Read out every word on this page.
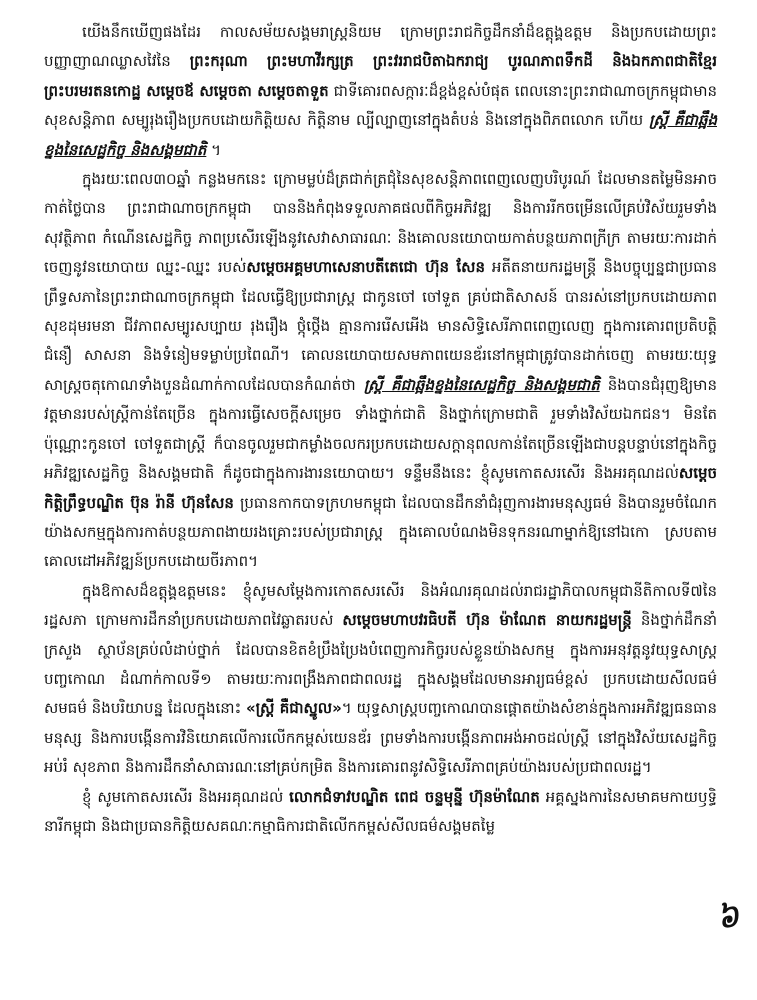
យើងនឹកឃើញផងដែរ កាលសម័យសង្គមរាស្ត្រនិយម ក្រោមព្រះរាជកិច្ចដឹកនាំដ៏ឧត្តុង្គឧត្តម និងប្រកបដោយព្រះបញ្ញាញាណឈ្លាសវៃនៃ ព្រះករុណា ព្រះមហាវីរក្សត្រ ព្រះវររាជបិតាឯករាជ្យ បូរណភាពទឹកដី និងឯកភាពជាតិខ្មែរ ព្រះបរមរតនកោដ្ឋ សម្តេចឪ សម្តេចតា សម្តេចតាទួត ជាទីគោរពសក្ការៈដ៏ខ្ពង់ខ្ពស់បំផុត ពេលនោះព្រះរាជាណាចក្រកម្ពុជាមានសុខសន្តិភាព សម្បូរុងរឿងប្រកបដោយកិត្តិយស កិត្តិនាម ល្បីល្បាញនៅក្នុងតំបន់ និងនៅក្នុងពិភពលោក ហើយ ស្ត្រី គឺជាឆ្អឹងខ្នងនៃសេដ្ឋកិច្ច និងសង្គមជាតិ ។

ក្នុងរយៈពេល៣០ឆ្នាំ កន្លងមកនេះ ក្រោមម្លប់ដ៏ត្រជាក់ត្រជុំនៃសុខសន្តិភាពពេញលេញបរិបូរណ៍ ដែលមានតម្លៃមិនអាចកាត់ថ្លៃបាន ព្រះរាជាណាចក្រកម្ពុជា បាននិងកំពុងទទួលភាគផលពីកិច្ចអភិវឌ្ឍ និងការរីកចម្រើនលើគ្រប់វិស័យរួមទាំងសុវត្ថិភាព កំណើនសេដ្ឋកិច្ច ភាពប្រសើរឡើងនូវសេវាសាធារណៈ និងគោលនយោបាយកាត់បន្ថយភាពក្រីក្រ តាមរយៈការដាក់ចេញនូវនយោបាយ ឈ្នះ-ឈ្នះ របស់សម្តេចអគ្គមហាសេនាបតីតេជោ ហ៊ុន សែន អតីតនាយករដ្ឋមន្ត្រី និងបច្ចុប្បន្នជាប្រធានព្រឹទ្ធសភានៃព្រះរាជាណាចក្រកម្ពុជា ដែលធ្វើឱ្យប្រជារាស្ត្រ ជាកូនចៅ ចៅទួត គ្រប់ជាតិសាសន៍ បានរស់នៅប្រកបដោយភាពសុខដុមរមនា ជីវភាពសម្បូរសប្បាយ រុងរឿង ថ្កុំថ្កើង គ្មានការរើសអើង មានសិទ្ធិសេរីភាពពេញលេញ ក្នុងការគោរពប្រតិបត្តិជំនឿ សាសនា និងទំនៀមទម្លាប់ប្រពៃណី។ គោលនយោបាយសមភាពយេនឌ័រនៅកម្ពុជាត្រូវបានដាក់ចេញ តាមរយៈយុទ្ធសាស្ត្រចតុកោណទាំងបួនដំណាក់កាលដែលបានកំណត់ថា ស្ត្រី គឺជាឆ្អឹងខ្នងនៃសេដ្ឋកិច្ច និងសង្គមជាតិ និងបានជំរុញឱ្យមានវត្តមានរបស់ស្ត្រីកាន់តែច្រើន ក្នុងការធ្វើសេចក្តីសម្រេច ទាំងថ្នាក់ជាតិ និងថ្នាក់ក្រោមជាតិ រួមទាំងវិស័យឯកជន។ មិនតែប៉ុណ្ណោះកូនចៅ ចៅទួតជាស្ត្រី ក៏បានចូលរួមជាកម្លាំងចលករប្រកបដោយសក្តានុពលកាន់តែច្រើនឡើងជាបន្តបន្ទាប់នៅក្នុងកិច្ចអភិវឌ្ឍសេដ្ឋកិច្ច និងសង្គមជាតិ ក៏ដូចជាក្នុងការងារនយោបាយ។ ទន្ទឹមនឹងនេះ ខ្ញុំសូមកោតសរសើរ និងអរគុណដល់សម្តេចកិត្តិព្រឹទ្ធបណ្ឌិត ប៊ុន រ៉ានី ហ៊ុនសែន ប្រធានកាកបាទក្រហមកម្ពុជា ដែលបានដឹកនាំជំរុញការងារមនុស្សធម៌ និងបានរួមចំណែកយ៉ាងសកម្មក្នុងការកាត់បន្ថយភាពងាយរងគ្រោះរបស់ប្រជារាស្ត្រ ក្នុងគោលបំណងមិនទុកនរណាម្នាក់ឱ្យនៅឯកោ ស្របតាមគោលដៅអភិវឌ្ឍន៍ប្រកបដោយចីរភាព។

ក្នុងឱកាសដ៏ឧត្តុង្គឧត្តមនេះ ខ្ញុំសូមសម្តែងការកោតសរសើរ និងអំណរគុណដល់រាជរដ្ឋាភិបាលកម្ពុជានីតិកាលទី៧នៃរដ្ឋសភា ក្រោមការដឹកនាំប្រកបដោយភាពវៃឆ្លាតរបស់ សម្តេចមហាបវរធិបតី ហ៊ុន ម៉ាណែត នាយករដ្ឋមន្ត្រី និងថ្នាក់ដឹកនាំក្រសួង ស្ថាប័នគ្រប់លំដាប់ថ្នាក់ ដែលបានខិតខំប្រឹងប្រែងបំពេញការកិច្ចរបស់ខ្លួនយ៉ាងសកម្ម ក្នុងការអនុវត្តនូវយុទ្ធសាស្ត្របញ្ចកោណ ដំណាក់កាលទី១ តាមរយៈការពង្រឹងភាពជាពលរដ្ឋ ក្នុងសង្គមដែលមានអារ្យធម៌ខ្ពស់ ប្រកបដោយសីលធម៌ សមធម៌ និងបរិយាបន្ន ដែលក្នុងនោះ «ស្ត្រី គឺជាស្នូល»។ យុទ្ធសាស្ត្របញ្ចកោណបានផ្តោតយ៉ាងសំខាន់ក្នុងការអភិវឌ្ឍធនធានមនុស្ស និងការបង្កើនការវិនិយោគលើការលើកកម្ពស់យេនឌ័រ ព្រមទាំងការបង្កើនភាពអង់អាចដល់ស្ត្រី នៅក្នុងវិស័យសេដ្ឋកិច្ច អប់រំ សុខភាព និងការដឹកនាំសាធារណៈនៅគ្រប់កម្រិត និងការគោរពនូវសិទ្ធិសេរីភាពគ្រប់យ៉ាងរបស់ប្រជាពលរដ្ឋ។

ខ្ញុំ សូមកោតសរសើរ និងអរគុណដល់ លោកជំទាវបណ្ឌិត ពេជ ចន្ទមុន្នី ហ៊ុនម៉ាណែត អគ្គស្នងការនៃសមាគមកាយឫទ្ធិនារីកម្ពុជា និងជាប្រធានកិត្តិយសគណៈកម្មាធិការជាតិលើកកម្ពស់សីលធម៌សង្គមតម្លៃ

៦
